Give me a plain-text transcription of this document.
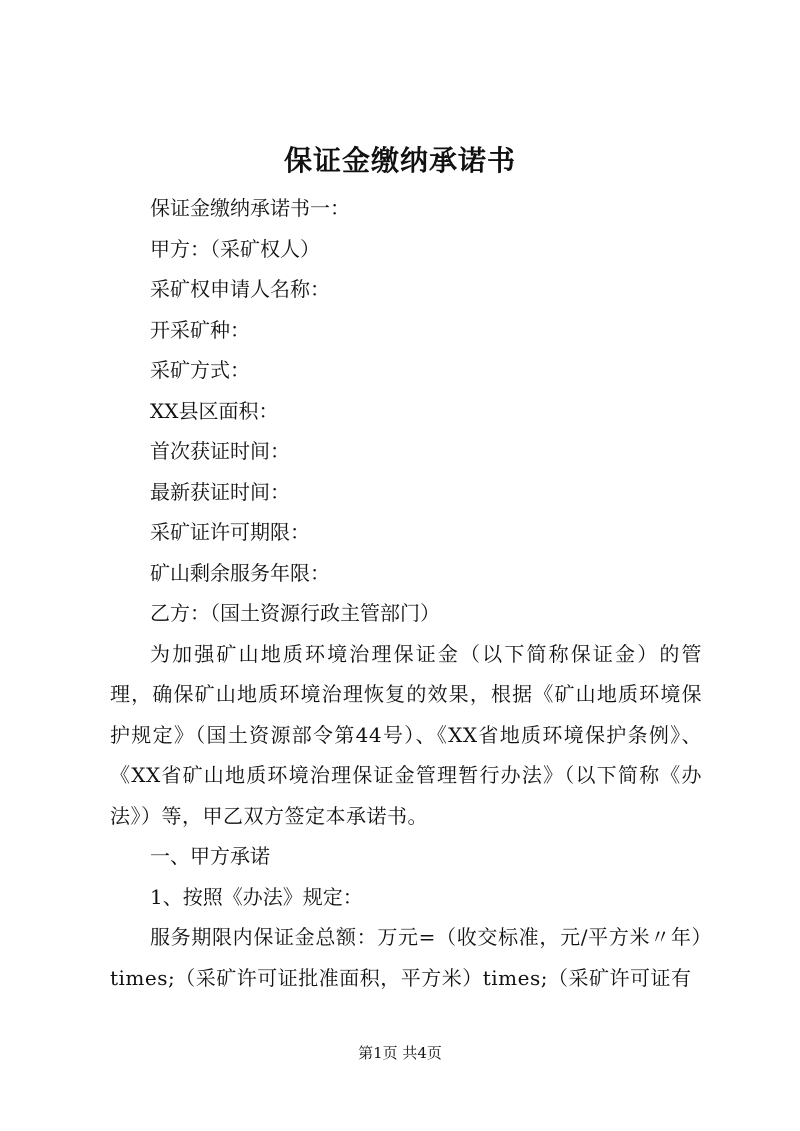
保证金缴纳承诺书

保证金缴纳承诺书一：

甲方：（采矿权人）

采矿权申请人名称：

开采矿种：

采矿方式：

XX县区面积：

首次获证时间：

最新获证时间：

采矿证许可期限：

矿山剩余服务年限：

乙方：（国土资源行政主管部门）

为加强矿山地质环境治理保证金（以下简称保证金）的管理，确保矿山地质环境治理恢复的效果，根据《矿山地质环境保护规定》（国土资源部令第44号）、《XX省地质环境保护条例》、《XX省矿山地质环境治理保证金管理暂行办法》（以下简称《办法》）等，甲乙双方签定本承诺书。

一、甲方承诺

1、按照《办法》规定：

服务期限内保证金总额：万元=（收交标准，元/平方米〃年）times;（采矿许可证批准面积，平方米）times;（采矿许可证有

第1页 共4页
